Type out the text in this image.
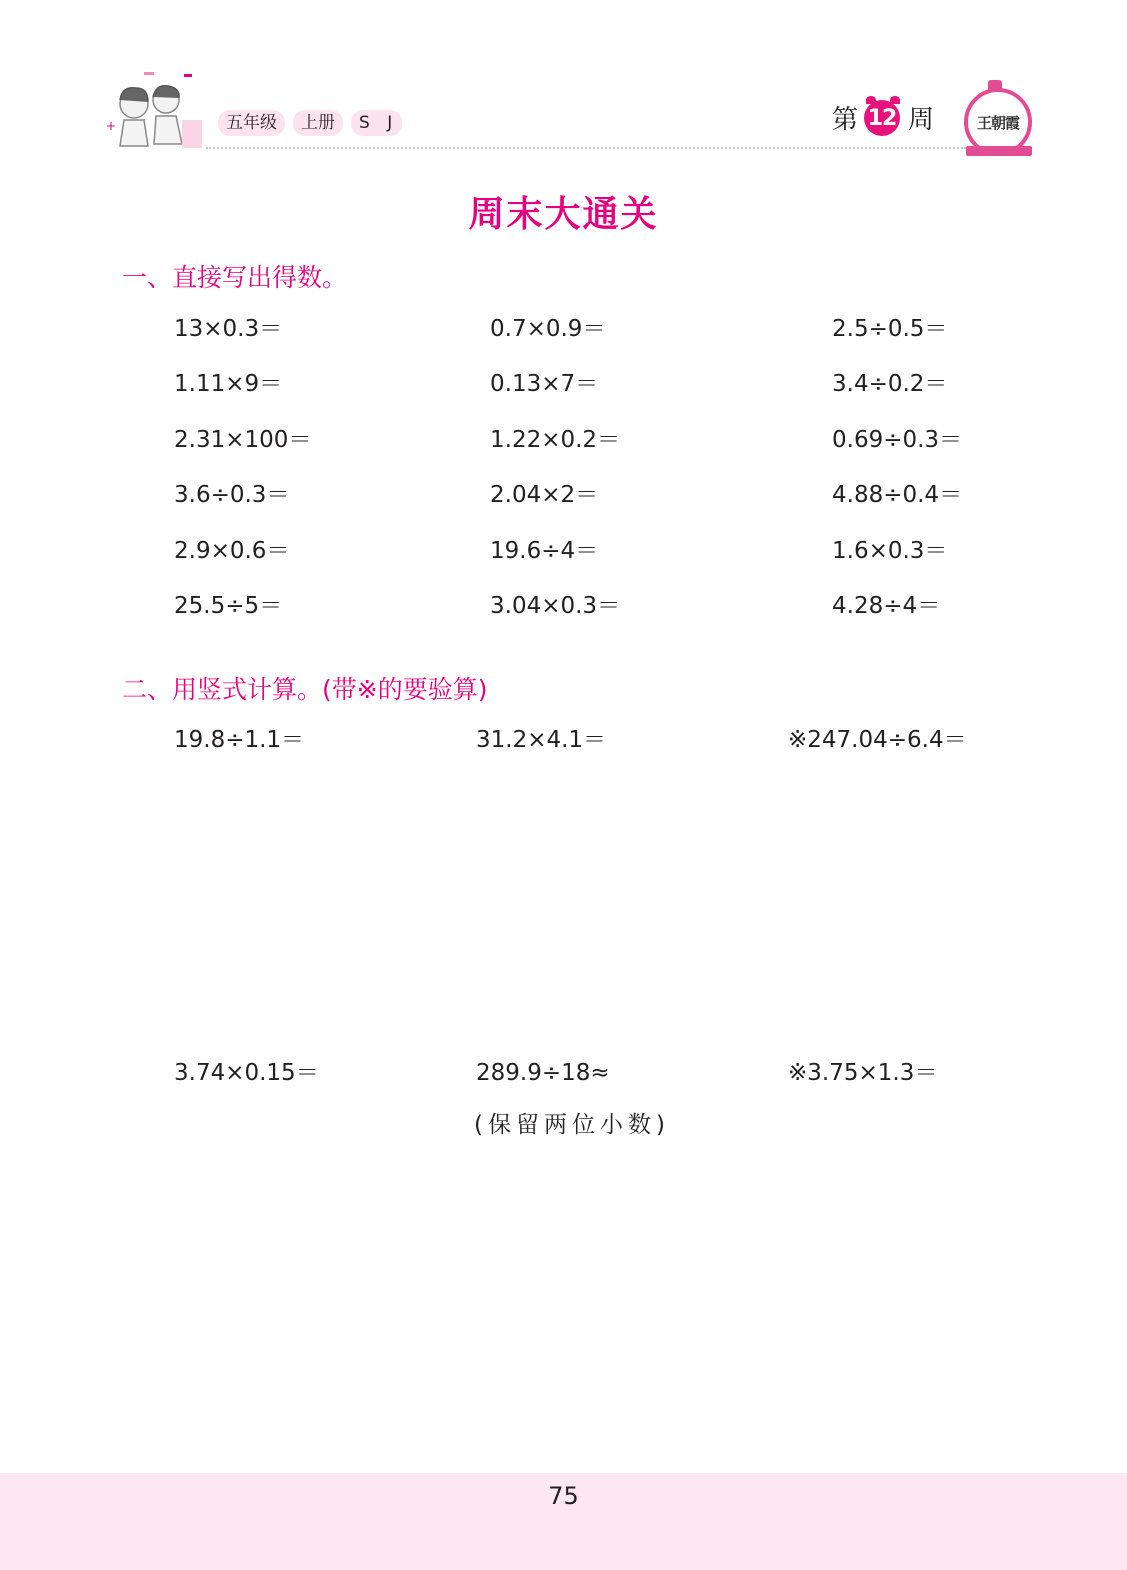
+	五年级	上册	S J	第 12 周	王朝霞
周末大通关
一、直接写出得数。
13×0.3＝	0.7×0.9＝	2.5÷0.5＝
1.11×9＝	0.13×7＝	3.4÷0.2＝
2.31×100＝	1.22×0.2＝	0.69÷0.3＝
3.6÷0.3＝	2.04×2＝	4.88÷0.4＝
2.9×0.6＝	19.6÷4＝	1.6×0.3＝
25.5÷5＝	3.04×0.3＝	4.28÷4＝
二、用竖式计算。(带※的要验算)
19.8÷1.1＝	31.2×4.1＝	※247.04÷6.4＝
3.74×0.15＝	289.9÷18≈	※3.75×1.3＝
(保留两位小数)
75
